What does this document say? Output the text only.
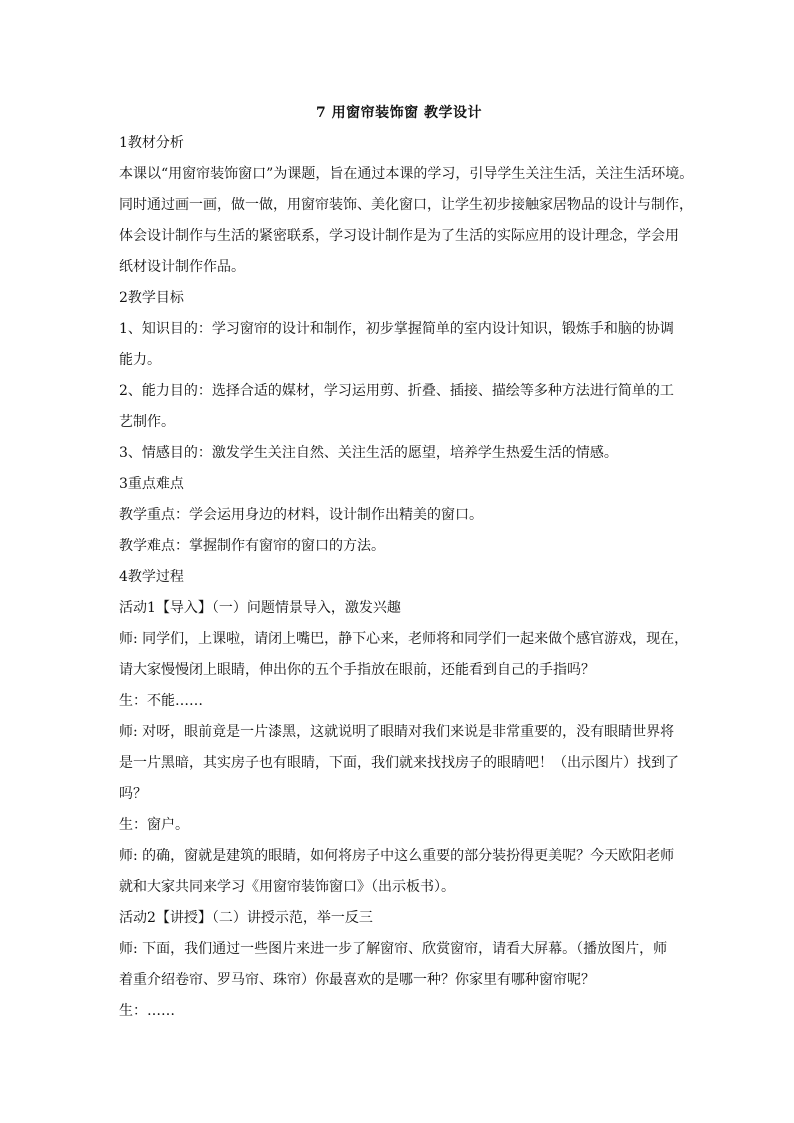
7 用窗帘装饰窗 教学设计

1教材分析

本课以“用窗帘装饰窗口”为课题，旨在通过本课的学习，引导学生关注生活，关注生活环境。

同时通过画一画，做一做，用窗帘装饰、美化窗口，让学生初步接触家居物品的设计与制作，

体会设计制作与生活的紧密联系，学习设计制作是为了生活的实际应用的设计理念，学会用

纸材设计制作作品。

2教学目标

1、知识目的：学习窗帘的设计和制作，初步掌握简单的室内设计知识，锻炼手和脑的协调

能力。

2、能力目的：选择合适的媒材，学习运用剪、折叠、插接、描绘等多种方法进行简单的工

艺制作。

3、情感目的：激发学生关注自然、关注生活的愿望，培养学生热爱生活的情感。

3重点难点

教学重点：学会运用身边的材料，设计制作出精美的窗口。

教学难点：掌握制作有窗帘的窗口的方法。

4教学过程

活动1【导入】（一）问题情景导入，激发兴趣

师: 同学们，上课啦，请闭上嘴巴，静下心来，老师将和同学们一起来做个感官游戏，现在，

请大家慢慢闭上眼睛，伸出你的五个手指放在眼前，还能看到自己的手指吗？

生：不能……

师: 对呀，眼前竟是一片漆黑，这就说明了眼睛对我们来说是非常重要的，没有眼睛世界将

是一片黑暗，其实房子也有眼睛，下面，我们就来找找房子的眼睛吧！（出示图片）找到了

吗？

生：窗户。

师: 的确，窗就是建筑的眼睛，如何将房子中这么重要的部分装扮得更美呢？今天欧阳老师

就和大家共同来学习《用窗帘装饰窗口》（出示板书）。

活动2【讲授】（二）讲授示范，举一反三

师: 下面，我们通过一些图片来进一步了解窗帘、欣赏窗帘，请看大屏幕。（播放图片，师

着重介绍卷帘、罗马帘、珠帘）你最喜欢的是哪一种？你家里有哪种窗帘呢？

生：……
